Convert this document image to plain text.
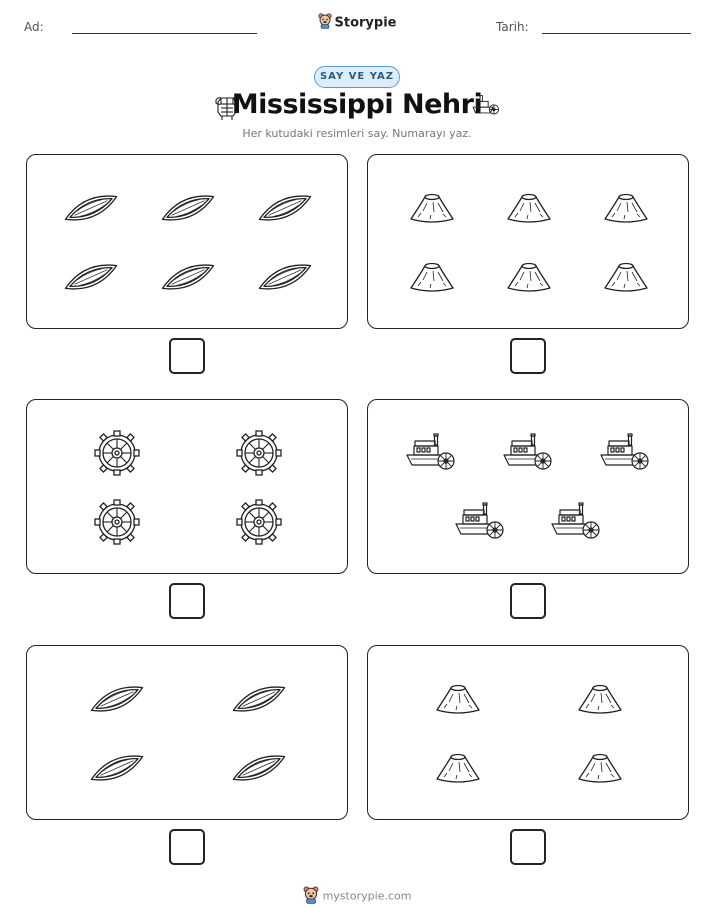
Ad:	Storypie	Tarih:
SAY VE YAZ
Mississippi Nehri
Her kutudaki resimleri say. Numarayı yaz.
mystorypie.com
